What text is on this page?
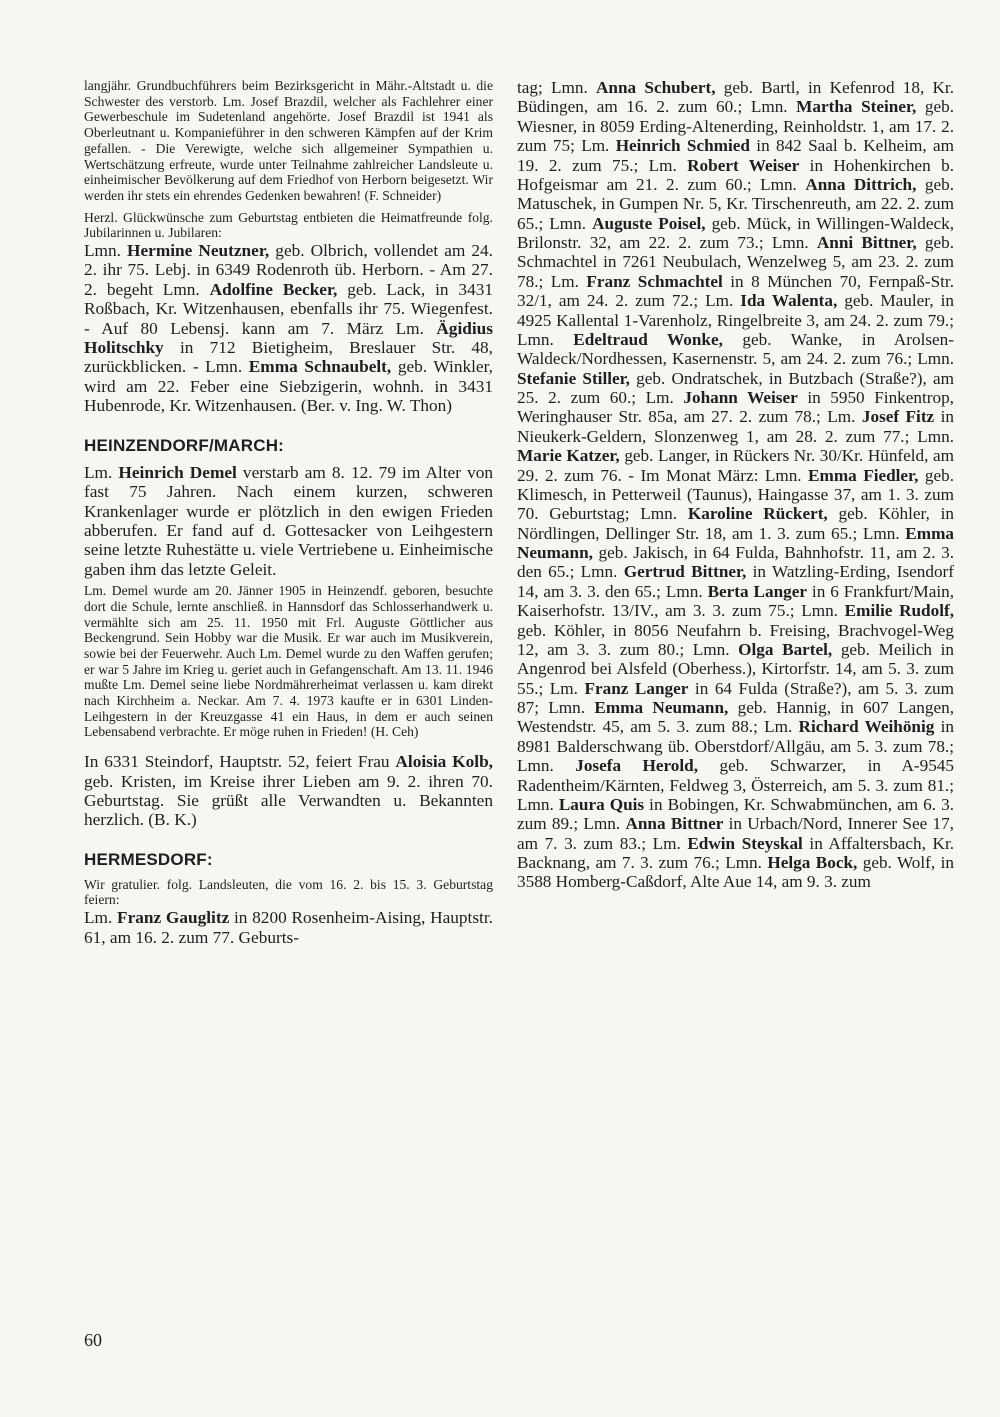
langjähr. Grundbuchführers beim Bezirksgericht in Mähr.-Altstadt u. die Schwester des verstorb. Lm. Josef Brazdil, welcher als Fachlehrer einer Gewerbeschule im Sudetenland angehörte. Josef Brazdil ist 1941 als Oberleutnant u. Kompanieführer in den schweren Kämpfen auf der Krim gefallen. - Die Verewigte, welche sich allgemeiner Sympathien u. Wertschätzung erfreute, wurde unter Teilnahme zahlreicher Landsleute u. einheimischer Bevölkerung auf dem Friedhof von Herborn beigesetzt. Wir werden ihr stets ein ehrendes Gedenken bewahren! (F. Schneider)

Herzl. Glückwünsche zum Geburtstag entbieten die Heimatfreunde folg. Jubilarinnen u. Jubilaren:

Lmn. Hermine Neutzner, geb. Olbrich, vollendet am 24. 2. ihr 75. Lebj. in 6349 Rodenroth üb. Herborn. - Am 27. 2. begeht Lmn. Adolfine Becker, geb. Lack, in 3431 Roßbach, Kr. Witzenhausen, ebenfalls ihr 75. Wiegenfest. - Auf 80 Lebensj. kann am 7. März Lm. Ägidius Holitschky in 712 Bietigheim, Breslauer Str. 48, zurückblicken. - Lmn. Emma Schnaubelt, geb. Winkler, wird am 22. Feber eine Siebzigerin, wohnh. in 3431 Hubenrode, Kr. Witzenhausen. (Ber. v. Ing. W. Thon)

HEINZENDORF/MARCH:

Lm. Heinrich Demel verstarb am 8. 12. 79 im Alter von fast 75 Jahren. Nach einem kurzen, schweren Krankenlager wurde er plötzlich in den ewigen Frieden abberufen. Er fand auf d. Gottesacker von Leihgestern seine letzte Ruhestätte u. viele Vertriebene u. Einheimische gaben ihm das letzte Geleit.

Lm. Demel wurde am 20. Jänner 1905 in Heinzendf. geboren, besuchte dort die Schule, lernte anschließ. in Hannsdorf das Schlosserhandwerk u. vermählte sich am 25. 11. 1950 mit Frl. Auguste Göttlicher aus Beckengrund. Sein Hobby war die Musik. Er war auch im Musikverein, sowie bei der Feuerwehr. Auch Lm. Demel wurde zu den Waffen gerufen; er war 5 Jahre im Krieg u. geriet auch in Gefangenschaft. Am 13. 11. 1946 mußte Lm. Demel seine liebe Nordmährerheimat verlassen u. kam direkt nach Kirchheim a. Neckar. Am 7. 4. 1973 kaufte er in 6301 Linden-Leihgestern in der Kreuzgasse 41 ein Haus, in dem er auch seinen Lebensabend verbrachte. Er möge ruhen in Frieden! (H. Ceh)

In 6331 Steindorf, Hauptstr. 52, feiert Frau Aloisia Kolb, geb. Kristen, im Kreise ihrer Lieben am 9. 2. ihren 70. Geburtstag. Sie grüßt alle Verwandten u. Bekannten herzlich. (B. K.)

HERMESDORF:

Wir gratulier. folg. Landsleuten, die vom 16. 2. bis 15. 3. Geburtstag feiern:

Lm. Franz Gauglitz in 8200 Rosenheim-Aising, Hauptstr. 61, am 16. 2. zum 77. Geburts-

tag; Lmn. Anna Schubert, geb. Bartl, in Kefenrod 18, Kr. Büdingen, am 16. 2. zum 60.; Lmn. Martha Steiner, geb. Wiesner, in 8059 Erding-Altenerding, Reinholdstr. 1, am 17. 2. zum 75; Lm. Heinrich Schmied in 842 Saal b. Kelheim, am 19. 2. zum 75.; Lm. Robert Weiser in Hohenkirchen b. Hofgeismar am 21. 2. zum 60.; Lmn. Anna Dittrich, geb. Matuschek, in Gumpen Nr. 5, Kr. Tirschenreuth, am 22. 2. zum 65.; Lmn. Auguste Poisel, geb. Mück, in Willingen-Waldeck, Brilonstr. 32, am 22. 2. zum 73.; Lmn. Anni Bittner, geb. Schmachtel in 7261 Neubulach, Wenzelweg 5, am 23. 2. zum 78.; Lm. Franz Schmachtel in 8 München 70, Fernpaß-Str. 32/1, am 24. 2. zum 72.; Lm. Ida Walenta, geb. Mauler, in 4925 Kallental 1-Varenholz, Ringelbreite 3, am 24. 2. zum 79.; Lmn. Edeltraud Wonke, geb. Wanke, in Arolsen-Waldeck/Nordhessen, Kasernenstr. 5, am 24. 2. zum 76.; Lmn. Stefanie Stiller, geb. Ondratschek, in Butzbach (Straße?), am 25. 2. zum 60.; Lm. Johann Weiser in 5950 Finkentrop, Weringhauser Str. 85a, am 27. 2. zum 78.; Lm. Josef Fitz in Nieukerk-Geldern, Slonzenweg 1, am 28. 2. zum 77.; Lmn. Marie Katzer, geb. Langer, in Rückers Nr. 30/Kr. Hünfeld, am 29. 2. zum 76. - Im Monat März: Lmn. Emma Fiedler, geb. Klimesch, in Petterweil (Taunus), Haingasse 37, am 1. 3. zum 70. Geburtstag; Lmn. Karoline Rückert, geb. Köhler, in Nördlingen, Dellinger Str. 18, am 1. 3. zum 65.; Lmn. Emma Neumann, geb. Jakisch, in 64 Fulda, Bahnhofstr. 11, am 2. 3. den 65.; Lmn. Gertrud Bittner, in Watzling-Erding, Isendorf 14, am 3. 3. den 65.; Lmn. Berta Langer in 6 Frankfurt/Main, Kaiserhofstr. 13/IV., am 3. 3. zum 75.; Lmn. Emilie Rudolf, geb. Köhler, in 8056 Neufahrn b. Freising, Brachvogel-Weg 12, am 3. 3. zum 80.; Lmn. Olga Bartel, geb. Meilich in Angenrod bei Alsfeld (Oberhess.), Kirtorfstr. 14, am 5. 3. zum 55.; Lm. Franz Langer in 64 Fulda (Straße?), am 5. 3. zum 87; Lmn. Emma Neumann, geb. Hannig, in 607 Langen, Westendstr. 45, am 5. 3. zum 88.; Lm. Richard Weihönig in 8981 Balderschwang üb. Oberstdorf/Allgäu, am 5. 3. zum 78.; Lmn. Josefa Herold, geb. Schwarzer, in A-9545 Radentheim/Kärnten, Feldweg 3, Österreich, am 5. 3. zum 81.; Lmn. Laura Quis in Bobingen, Kr. Schwabmünchen, am 6. 3. zum 89.; Lmn. Anna Bittner in Urbach/Nord, Innerer See 17, am 7. 3. zum 83.; Lm. Edwin Steyskal in Affaltersbach, Kr. Backnang, am 7. 3. zum 76.; Lmn. Helga Bock, geb. Wolf, in 3588 Homberg-Caßdorf, Alte Aue 14, am 9. 3. zum

60
